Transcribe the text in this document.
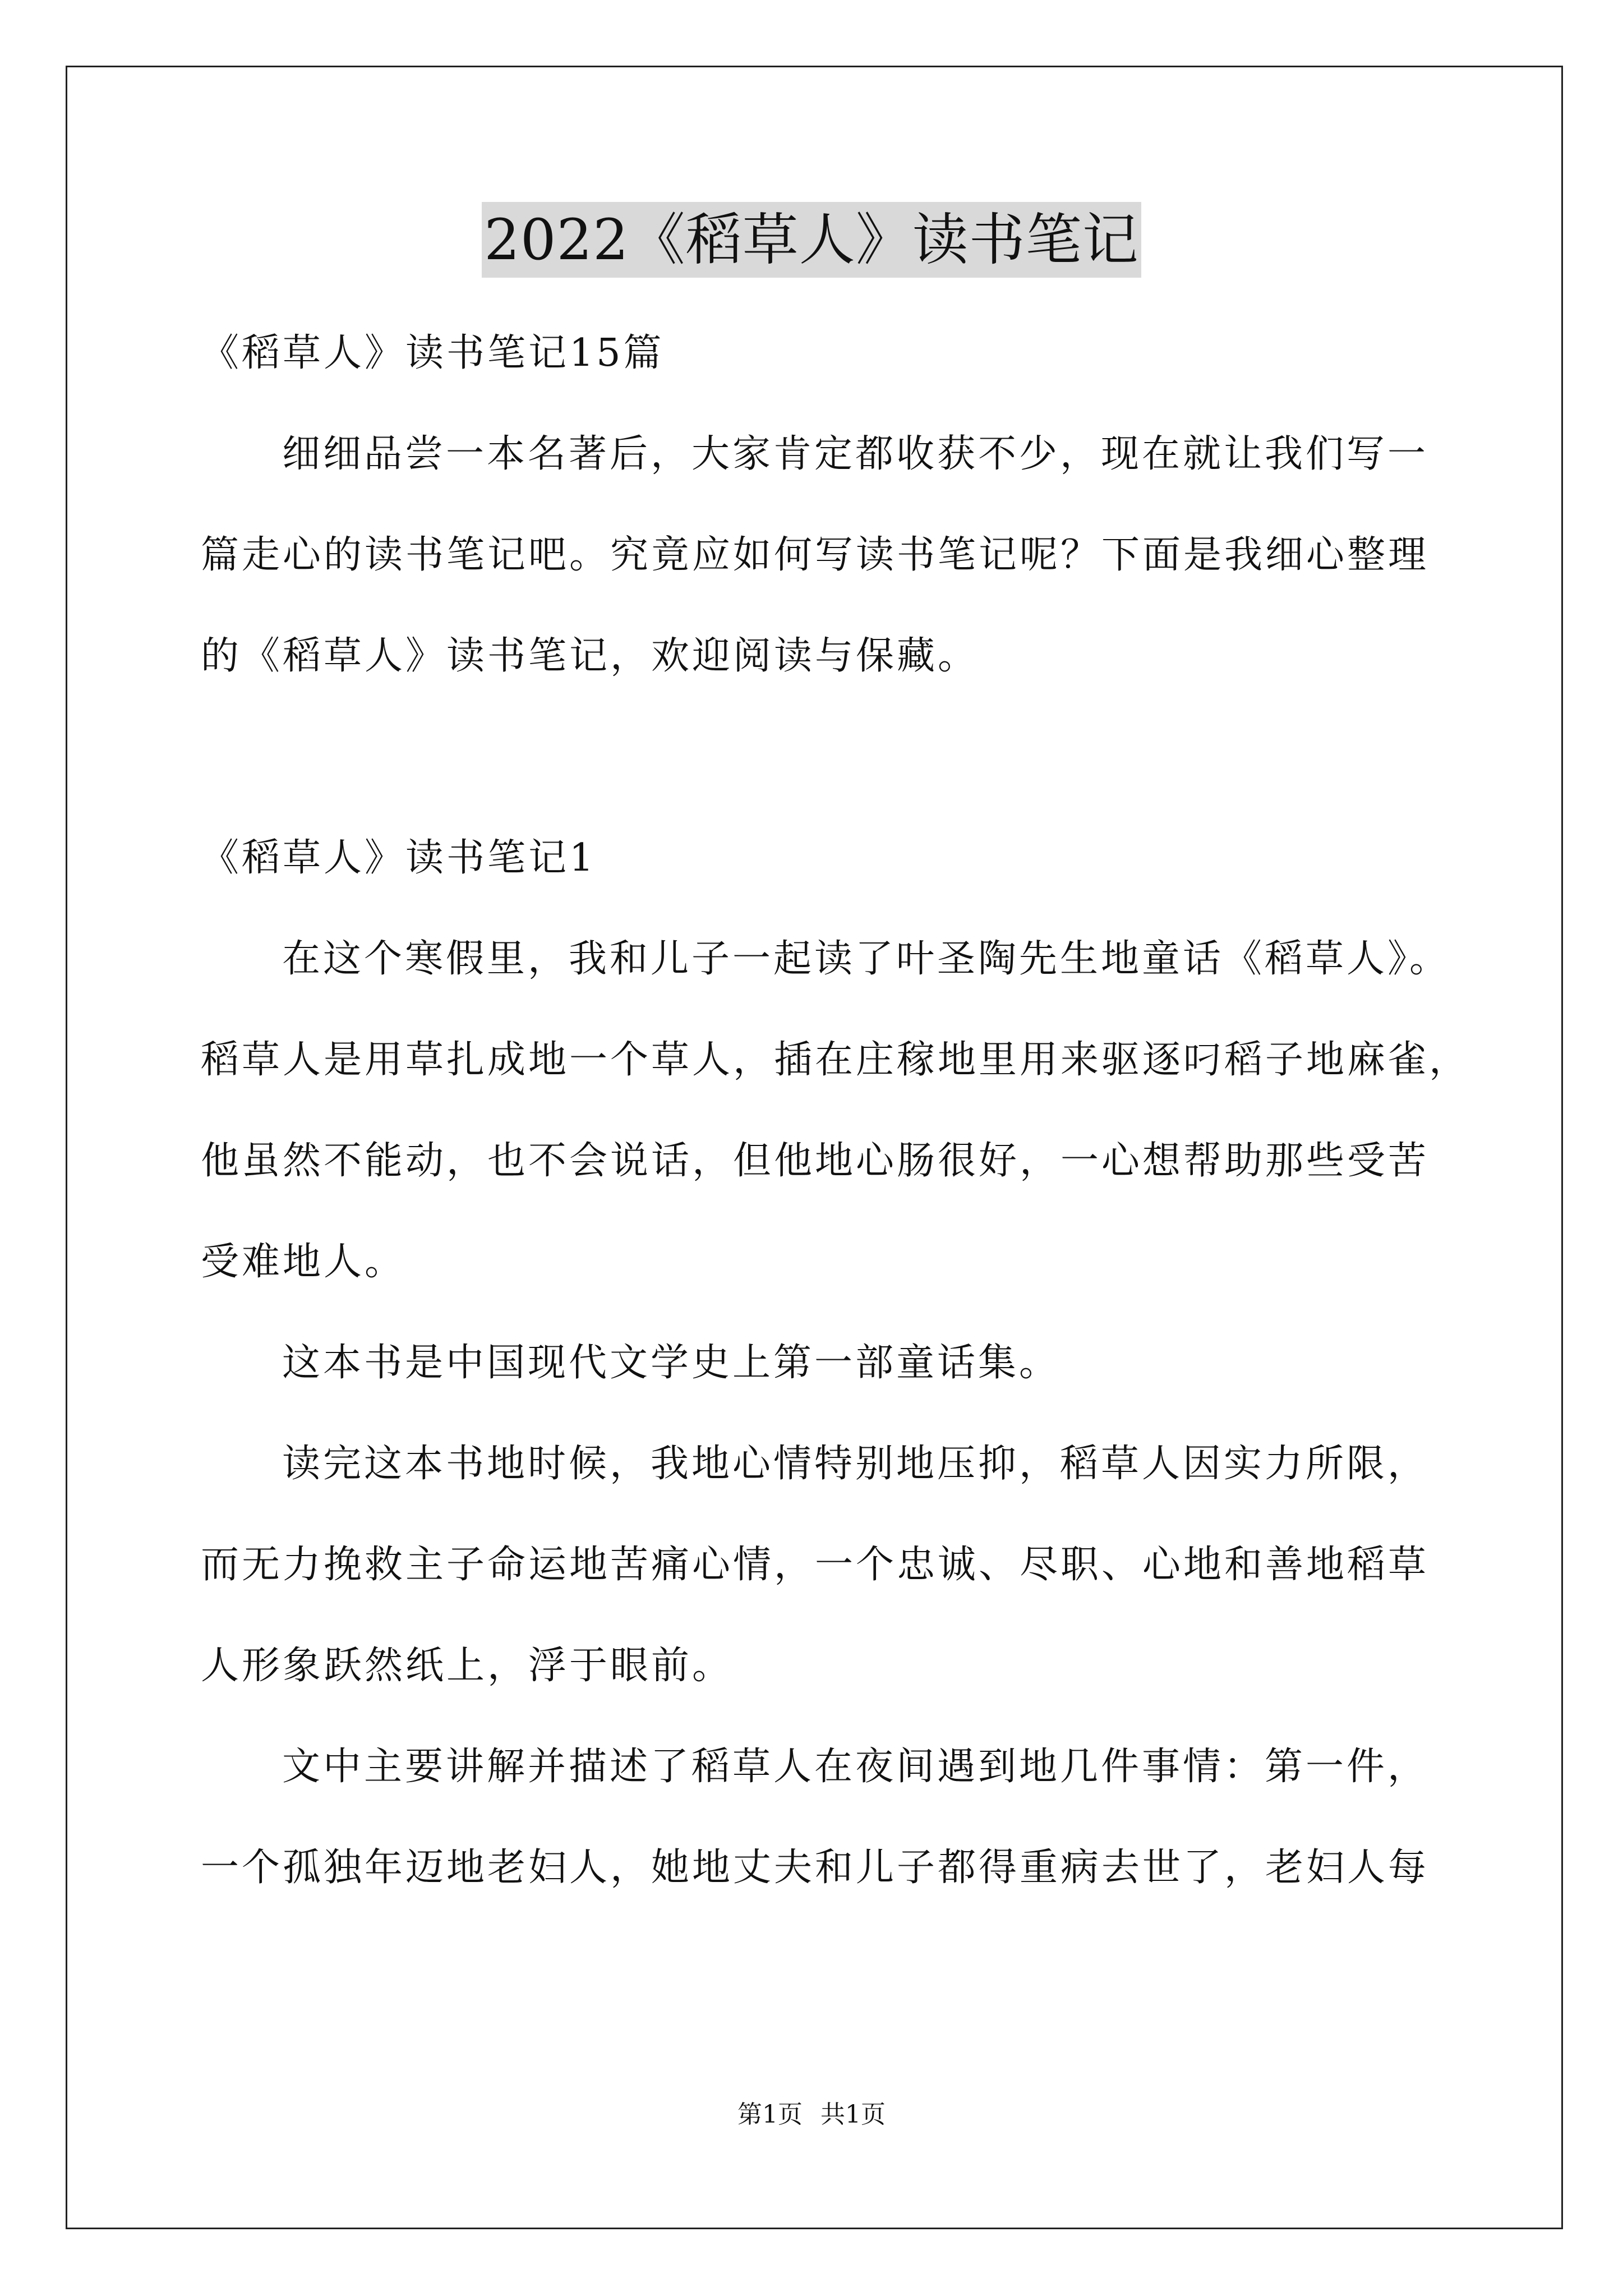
2022《稻草人》读书笔记
《稻草人》读书笔记15篇
细细品尝一本名著后，大家肯定都收获不少，现在就让我们写一
篇走心的读书笔记吧。究竟应如何写读书笔记呢？下面是我细心整理
的《稻草人》读书笔记，欢迎阅读与保藏。
《稻草人》读书笔记1
在这个寒假里，我和儿子一起读了叶圣陶先生地童话《稻草人》。
稻草人是用草扎成地一个草人，插在庄稼地里用来驱逐叼稻子地麻雀，
他虽然不能动，也不会说话，但他地心肠很好，一心想帮助那些受苦
受难地人。
这本书是中国现代文学史上第一部童话集。
读完这本书地时候，我地心情特别地压抑，稻草人因实力所限，
而无力挽救主子命运地苦痛心情，一个忠诚、尽职、心地和善地稻草
人形象跃然纸上，浮于眼前。
文中主要讲解并描述了稻草人在夜间遇到地几件事情：第一件，
一个孤独年迈地老妇人，她地丈夫和儿子都得重病去世了，老妇人每
第1页 共1页
